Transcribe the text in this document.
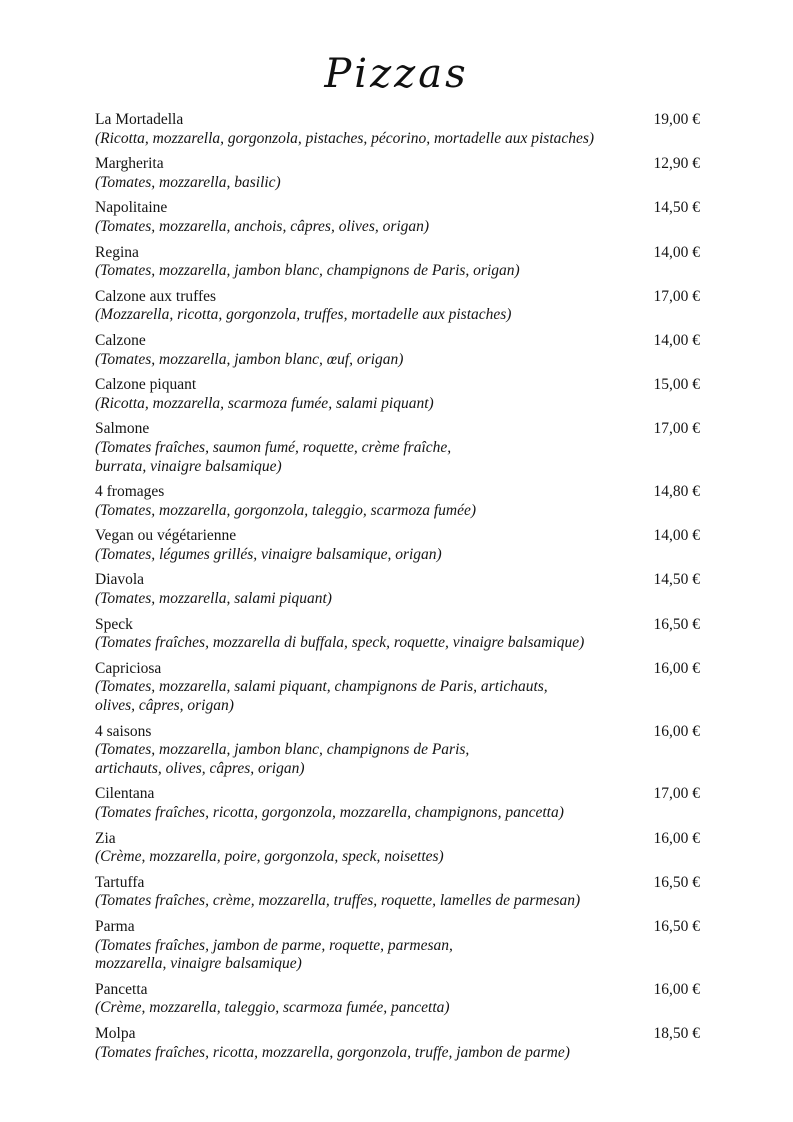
Pizzas
La Mortadella
(Ricotta, mozzarella, gorgonzola, pistaches, pécorino, mortadelle aux pistaches)
19,00 €
Margherita
(Tomates, mozzarella, basilic)
12,90 €
Napolitaine
(Tomates, mozzarella, anchois, câpres, olives, origan)
14,50 €
Regina
(Tomates, mozzarella, jambon blanc, champignons de Paris, origan)
14,00 €
Calzone aux truffes
(Mozzarella, ricotta, gorgonzola, truffes, mortadelle aux pistaches)
17,00 €
Calzone
(Tomates, mozzarella, jambon blanc, œuf, origan)
14,00 €
Calzone piquant
(Ricotta, mozzarella, scarmoza fumée, salami piquant)
15,00 €
Salmone
(Tomates fraîches, saumon fumé, roquette, crème fraîche,
burrata, vinaigre balsamique)
17,00 €
4 fromages
(Tomates, mozzarella, gorgonzola, taleggio, scarmoza fumée)
14,80 €
Vegan ou végétarienne
(Tomates, légumes grillés, vinaigre balsamique, origan)
14,00 €
Diavola
(Tomates, mozzarella, salami piquant)
14,50 €
Speck
(Tomates fraîches, mozzarella di buffala, speck, roquette, vinaigre balsamique)
16,50 €
Capriciosa
(Tomates, mozzarella, salami piquant, champignons de Paris, artichauts,
olives, câpres, origan)
16,00 €
4 saisons
(Tomates, mozzarella, jambon blanc, champignons de Paris,
artichauts, olives, câpres, origan)
16,00 €
Cilentana
(Tomates fraîches, ricotta, gorgonzola, mozzarella, champignons, pancetta)
17,00 €
Zia
(Crème, mozzarella, poire, gorgonzola, speck, noisettes)
16,00 €
Tartuffa
(Tomates fraîches, crème, mozzarella, truffes, roquette, lamelles de parmesan)
16,50 €
Parma
(Tomates fraîches, jambon de parme, roquette, parmesan,
mozzarella, vinaigre balsamique)
16,50 €
Pancetta
(Crème, mozzarella, taleggio, scarmoza fumée, pancetta)
16,00 €
Molpa
(Tomates fraîches, ricotta, mozzarella, gorgonzola, truffe, jambon de parme)
18,50 €
